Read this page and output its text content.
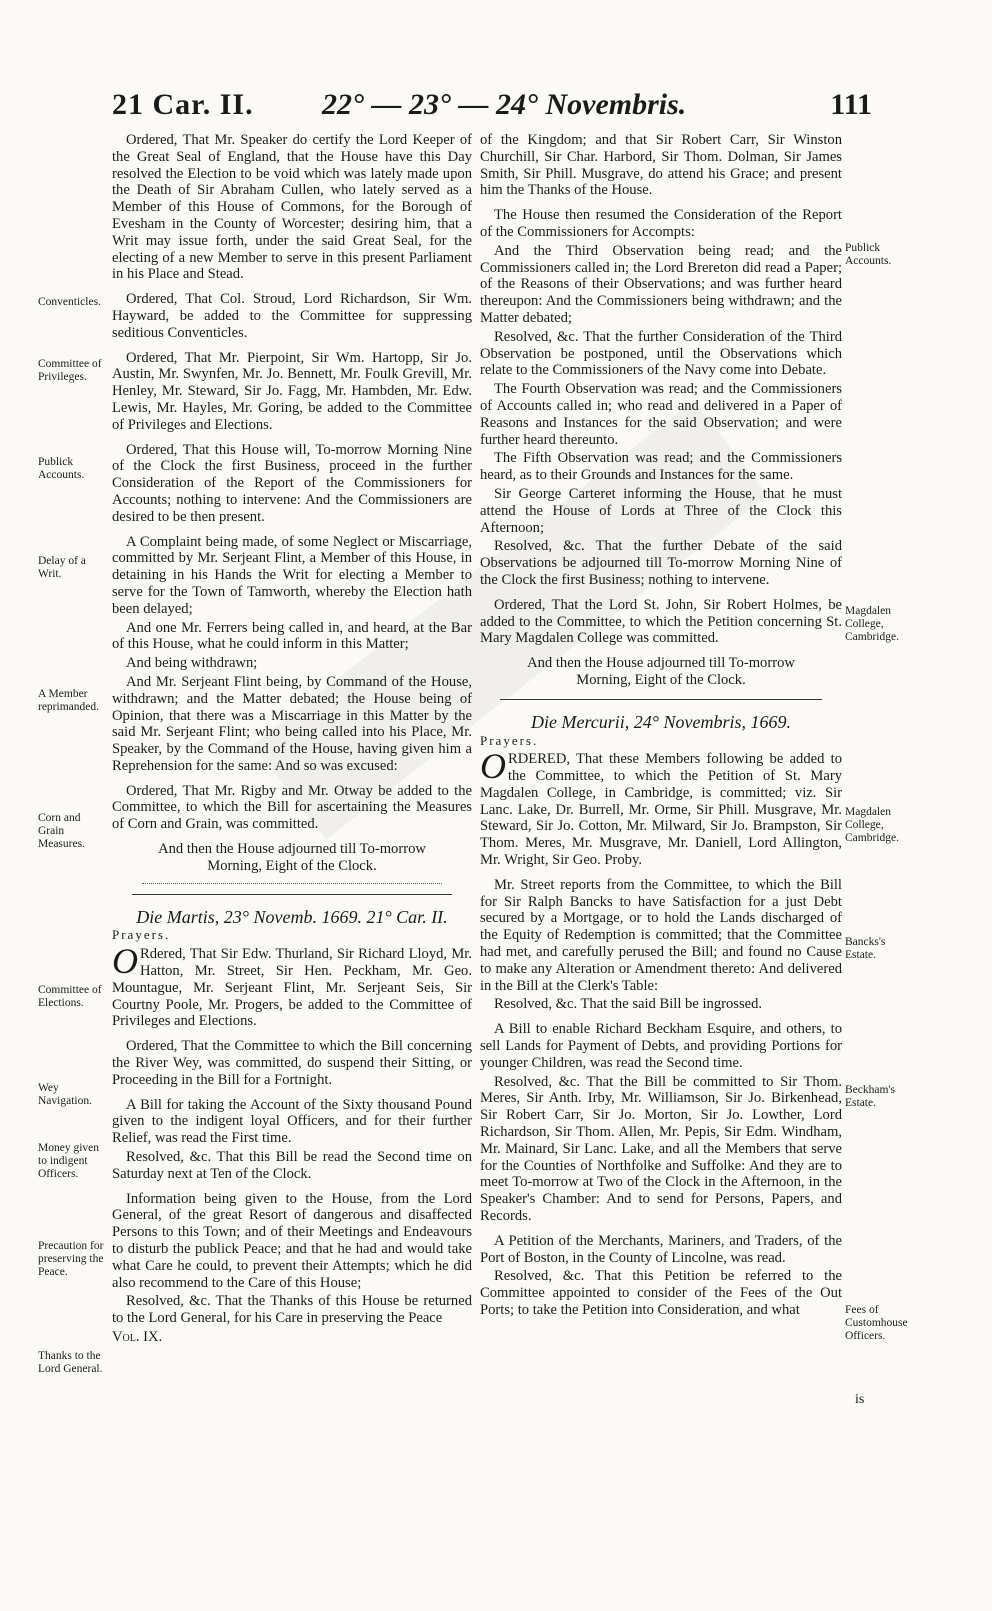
21 Car. II. 22° — 23° — 24° Novembris.	111

Ordered, That Mr. Speaker do certify the Lord Keeper of the Great Seal of England, that the House have this Day resolved the Election to be void which was lately made upon the Death of Sir Abraham Cullen, who lately served as a Member of this House of Commons, for the Borough of Evesham in the County of Worcester; desiring him, that a Writ may issue forth, under the said Great Seal, for the electing of a new Member to serve in this present Parliament in his Place and Stead.

Ordered, That Col. Stroud, Lord Richardson, Sir Wm. Hayward, be added to the Committee for suppressing seditious Conventicles.

Ordered, That Mr. Pierpoint, Sir Wm. Hartopp, Sir Jo. Austin, Mr. Swynfen, Mr. Jo. Bennett, Mr. Foulk Grevill, Mr. Henley, Mr. Steward, Sir Jo. Fagg, Mr. Hambden, Mr. Edw. Lewis, Mr. Hayles, Mr. Goring, be added to the Committee of Privileges and Elections.

Ordered, That this House will, To-morrow Morning Nine of the Clock the first Business, proceed in the further Consideration of the Report of the Commissioners for Accounts; nothing to intervene: And the Commissioners are desired to be then present.

A Complaint being made, of some Neglect or Miscarriage, committed by Mr. Serjeant Flint, a Member of this House, in detaining in his Hands the Writ for electing a Member to serve for the Town of Tamworth, whereby the Election hath been delayed;

And one Mr. Ferrers being called in, and heard, at the Bar of this House, what he could inform in this Matter;

And being withdrawn;

And Mr. Serjeant Flint being, by Command of the House, withdrawn; and the Matter debated; the House being of Opinion, that there was a Miscarriage in this Matter by the said Mr. Serjeant Flint; who being called into his Place, Mr. Speaker, by the Command of the House, having given him a Reprehension for the same: And so was excused:

Ordered, That Mr. Rigby and Mr. Otway be added to the Committee, to which the Bill for ascertaining the Measures of Corn and Grain, was committed.

And then the House adjourned till To-morrow Morning, Eight of the Clock.

Die Martis, 23° Novemb. 1669. 21° Car. II.

Prayers.

O Rdered, That Sir Edw. Thurland, Sir Richard Lloyd, Mr. Hatton, Mr. Street, Sir Hen. Peckham, Mr. Geo. Mountague, Mr. Serjeant Flint, Mr. Serjeant Seis, Sir Courtny Poole, Mr. Progers, be added to the Committee of Privileges and Elections.

Ordered, That the Committee to which the Bill concerning the River Wey, was committed, do suspend their Sitting, or Proceeding in the Bill for a Fortnight.

A Bill for taking the Account of the Sixty thousand Pound given to the indigent loyal Officers, and for their further Relief, was read the First time.

Resolved, &c. That this Bill be read the Second time on Saturday next at Ten of the Clock.

Information being given to the House, from the Lord General, of the great Resort of dangerous and disaffected Persons to this Town; and of their Meetings and Endeavours to disturb the publick Peace; and that he had and would take what Care he could, to prevent their Attempts; which he did also recommend to the Care of this House;

Resolved, &c. That the Thanks of this House be returned to the Lord General, for his Care in preserving the Peace

Vol. IX.

of the Kingdom; and that Sir Robert Carr, Sir Winston Churchill, Sir Char. Harbord, Sir Thom. Dolman, Sir James Smith, Sir Phill. Musgrave, do attend his Grace; and present him the Thanks of the House.

The House then resumed the Consideration of the Report of the Commissioners for Accompts:

And the Third Observation being read; and the Commissioners called in; the Lord Brereton did read a Paper; of the Reasons of their Observations; and was further heard thereupon: And the Commissioners being withdrawn; and the Matter debated;

Resolved, &c. That the further Consideration of the Third Observation be postponed, until the Observations which relate to the Commissioners of the Navy come into Debate.

The Fourth Observation was read; and the Commissioners of Accounts called in; who read and delivered in a Paper of Reasons and Instances for the said Observation; and were further heard thereunto.

The Fifth Observation was read; and the Commissioners heard, as to their Grounds and Instances for the same.

Sir George Carteret informing the House, that he must attend the House of Lords at Three of the Clock this Afternoon;

Resolved, &c. That the further Debate of the said Observations be adjourned till To-morrow Morning Nine of the Clock the first Business; nothing to intervene.

Ordered, That the Lord St. John, Sir Robert Holmes, be added to the Committee, to which the Petition concerning St. Mary Magdalen College was committed.

And then the House adjourned till To-morrow Morning, Eight of the Clock.

Die Mercurii, 24° Novembris, 1669.

Prayers.

ORDERED, That these Members following be added to the Committee, to which the Petition of St. Mary Magdalen College, in Cambridge, is committed; viz. Sir Lanc. Lake, Dr. Burrell, Mr. Orme, Sir Phill. Musgrave, Mr. Steward, Sir Jo. Cotton, Mr. Milward, Sir Jo. Brampston, Sir Thom. Meres, Mr. Musgrave, Mr. Daniell, Lord Allington, Mr. Wright, Sir Geo. Proby.

Mr. Street reports from the Committee, to which the Bill for Sir Ralph Bancks to have Satisfaction for a just Debt secured by a Mortgage, or to hold the Lands discharged of the Equity of Redemption is committed; that the Committee had met, and carefully perused the Bill; and found no Cause to make any Alteration or Amendment thereto: And delivered in the Bill at the Clerk's Table:

Resolved, &c. That the said Bill be ingrossed.

A Bill to enable Richard Beckham Esquire, and others, to sell Lands for Payment of Debts, and providing Portions for younger Children, was read the Second time.

Resolved, &c. That the Bill be committed to Sir Thom. Meres, Sir Anth. Irby, Mr. Williamson, Sir Jo. Birkenhead, Sir Robert Carr, Sir Jo. Morton, Sir Jo. Lowther, Lord Richardson, Sir Thom. Allen, Mr. Pepis, Sir Edm. Windham, Mr. Mainard, Sir Lanc. Lake, and all the Members that serve for the Counties of Northfolke and Suffolke: And they are to meet To-morrow at Two of the Clock in the Afternoon, in the Speaker's Chamber: And to send for Persons, Papers, and Records.

A Petition of the Merchants, Mariners, and Traders, of the Port of Boston, in the County of Lincolne, was read.

Resolved, &c. That this Petition be referred to the Committee appointed to consider of the Fees of the Out Ports; to take the Petition into Consideration, and what

is
Conventicles.
Committee of Privileges.
Publick Accounts.
Delay of a Writ.
A Member reprimanded.
Corn and Grain Measures.
Committee of Elections.
Wey Navigation.
Money given to indigent Officers.
Precaution for preserving the Peace.
Thanks to the Lord General.
Publick Accounts.
Magdalen College, Cambridge.
Magdalen College, Cambridge.
Bancks's Estate.
Beckham's Estate.
Fees of Customhouse Officers.
